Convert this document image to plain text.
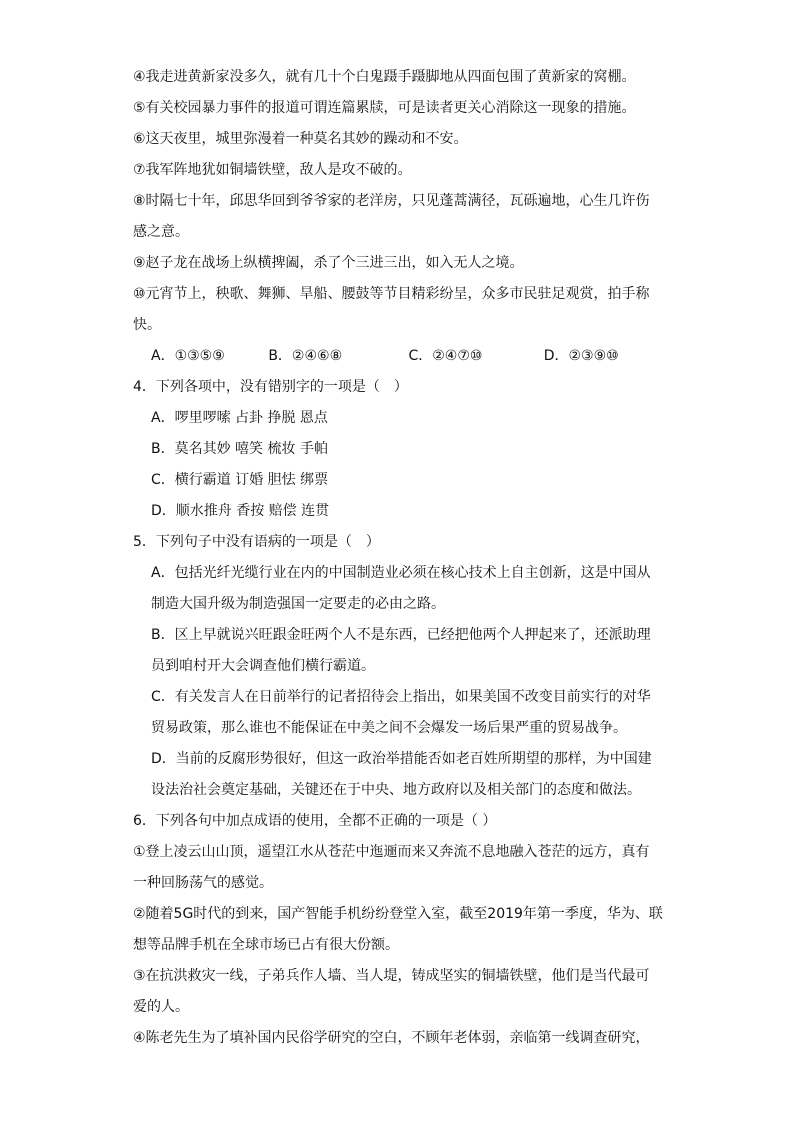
④我走进黄新家没多久，就有几十个白鬼蹑手蹑脚地从四面包围了黄新家的窝棚。
⑤有关校园暴力事件的报道可谓连篇累牍，可是读者更关心消除这一现象的措施。
⑥这天夜里，城里弥漫着一种莫名其妙的躁动和不安。
⑦我军阵地犹如铜墙铁壁，敌人是攻不破的。
⑧时隔七十年，邱思华回到爷爷家的老洋房，只见蓬蒿满径，瓦砾遍地，心生几许伤
感之意。
⑨赵子龙在战场上纵横捭阖，杀了个三进三出，如入无人之境。
⑩元宵节上，秧歌、舞狮、旱船、腰鼓等节目精彩纷呈，众多市民驻足观赏，拍手称
快。
A．①③⑤⑨	B．②④⑥⑧	C．②④⑦⑩	D．②③⑨⑩
4．下列各项中，没有错别字的一项是（　）
A．啰里啰嗦 占卦 挣脱 恩点
B．莫名其妙 嘻笑 梳妆 手帕
C．横行霸道 订婚 胆怯 绑票
D．顺水推舟 香按 赔偿 连贯
5．下列句子中没有语病的一项是（　）
A．包括光纤光缆行业在内的中国制造业必须在核心技术上自主创新，这是中国从
制造大国升级为制造强国一定要走的必由之路。
B．区上早就说兴旺跟金旺两个人不是东西，已经把他两个人押起来了，还派助理
员到咱村开大会调查他们横行霸道。
C．有关发言人在日前举行的记者招待会上指出，如果美国不改变目前实行的对华
贸易政策，那么谁也不能保证在中美之间不会爆发一场后果严重的贸易战争。
D．当前的反腐形势很好，但这一政治举措能否如老百姓所期望的那样，为中国建
设法治社会奠定基础，关键还在于中央、地方政府以及相关部门的态度和做法。
6．下列各句中加点成语的使用，全都不正确的一项是（ ）
①登上凌云山山顶，遥望江水从苍茫中迤逦而来又奔流不息地融入苍茫的远方，真有
一种回肠荡气的感觉。
②随着5G时代的到来，国产智能手机纷纷登堂入室，截至2019年第一季度，华为、联
想等品牌手机在全球市场已占有很大份额。
③在抗洪救灾一线，子弟兵作人墙、当人堤，铸成坚实的铜墙铁壁，他们是当代最可
爱的人。
④陈老先生为了填补国内民俗学研究的空白，不顾年老体弱，亲临第一线调查研究，
